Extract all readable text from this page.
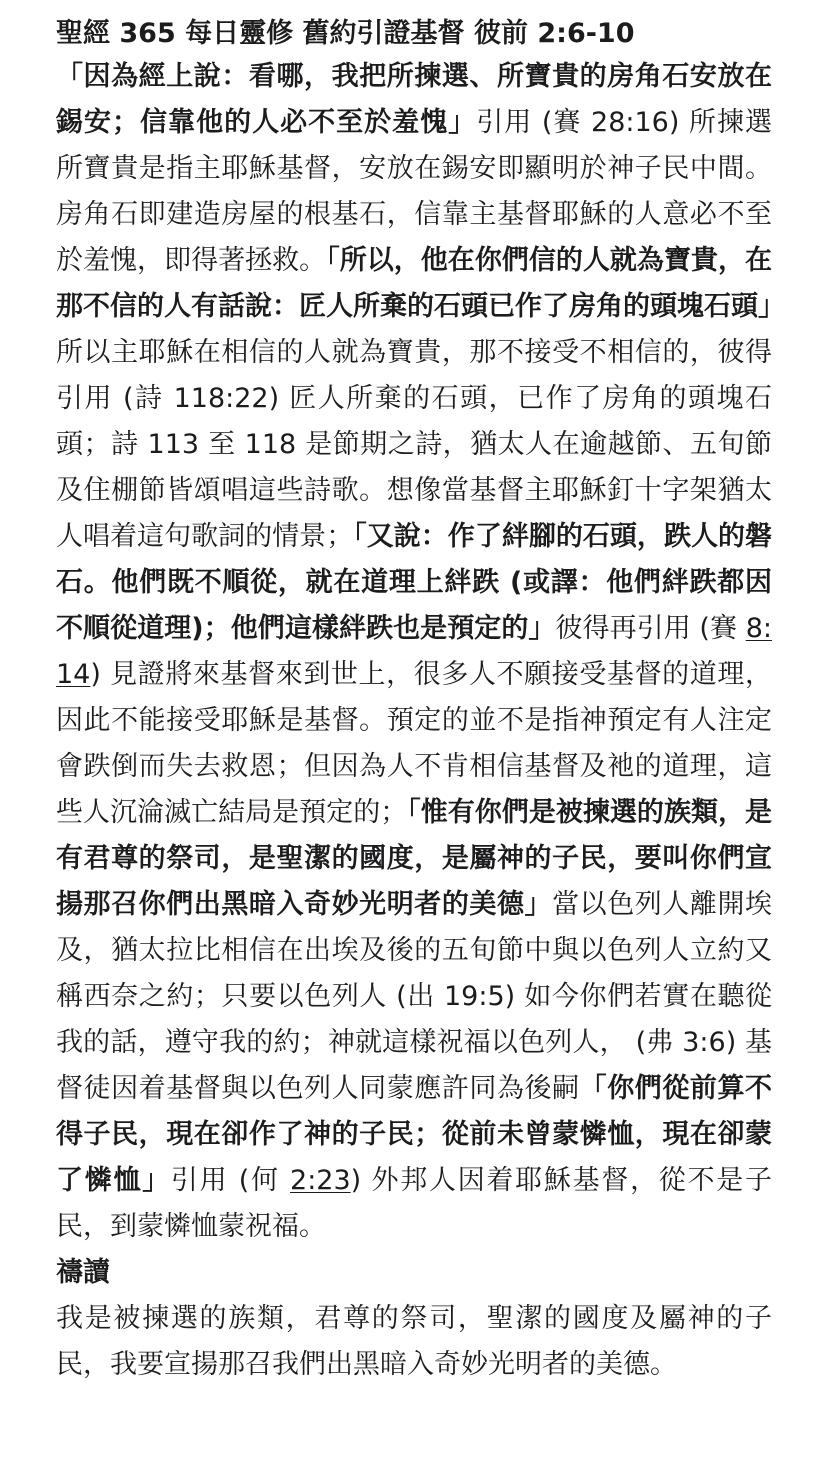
聖經 365 每日靈修 舊約引證基督 彼前 2:6-10

「因為經上說：看哪，我把所揀選、所寶貴的房角石安放在錫安；信靠他的人必不至於羞愧」引用 (賽 28:16) 所揀選所寶貴是指主耶穌基督，安放在錫安即顯明於神子民中間。房角石即建造房屋的根基石，信靠主基督耶穌的人意必不至於羞愧，即得著拯救。「所以，他在你們信的人就為寶貴，在那不信的人有話說：匠人所棄的石頭已作了房角的頭塊石頭」所以主耶穌在相信的人就為寶貴，那不接受不相信的，彼得引用 (詩 118:22) 匠人所棄的石頭，已作了房角的頭塊石頭；詩 113 至 118 是節期之詩，猶太人在逾越節、五旬節及住棚節皆頌唱這些詩歌。想像當基督主耶穌釘十字架猶太人唱着這句歌詞的情景；「又說：作了絆腳的石頭，跌人的磐石。他們既不順從，就在道理上絆跌 (或譯：他們絆跌都因不順從道理)；他們這樣絆跌也是預定的」彼得再引用 (賽 8:14) 見證將來基督來到世上，很多人不願接受基督的道理，因此不能接受耶穌是基督。預定的並不是指神預定有人注定會跌倒而失去救恩；但因為人不肯相信基督及衪的道理，這些人沉淪滅亡結局是預定的；「惟有你們是被揀選的族類，是有君尊的祭司，是聖潔的國度，是屬神的子民，要叫你們宣揚那召你們出黑暗入奇妙光明者的美德」當以色列人離開埃及，猶太拉比相信在出埃及後的五旬節中與以色列人立約又稱西奈之約；只要以色列人 (出 19:5) 如今你們若實在聽從我的話，遵守我的約；神就這樣祝福以色列人， (弗 3:6) 基督徒因着基督與以色列人同蒙應許同為後嗣「你們從前算不得子民，現在卻作了神的子民；從前未曾蒙憐恤，現在卻蒙了憐恤」引用 (何 2:23) 外邦人因着耶穌基督，從不是子民，到蒙憐恤蒙祝福。

禱讀

我是被揀選的族類，君尊的祭司，聖潔的國度及屬神的子民，我要宣揚那召我們出黑暗入奇妙光明者的美德。
